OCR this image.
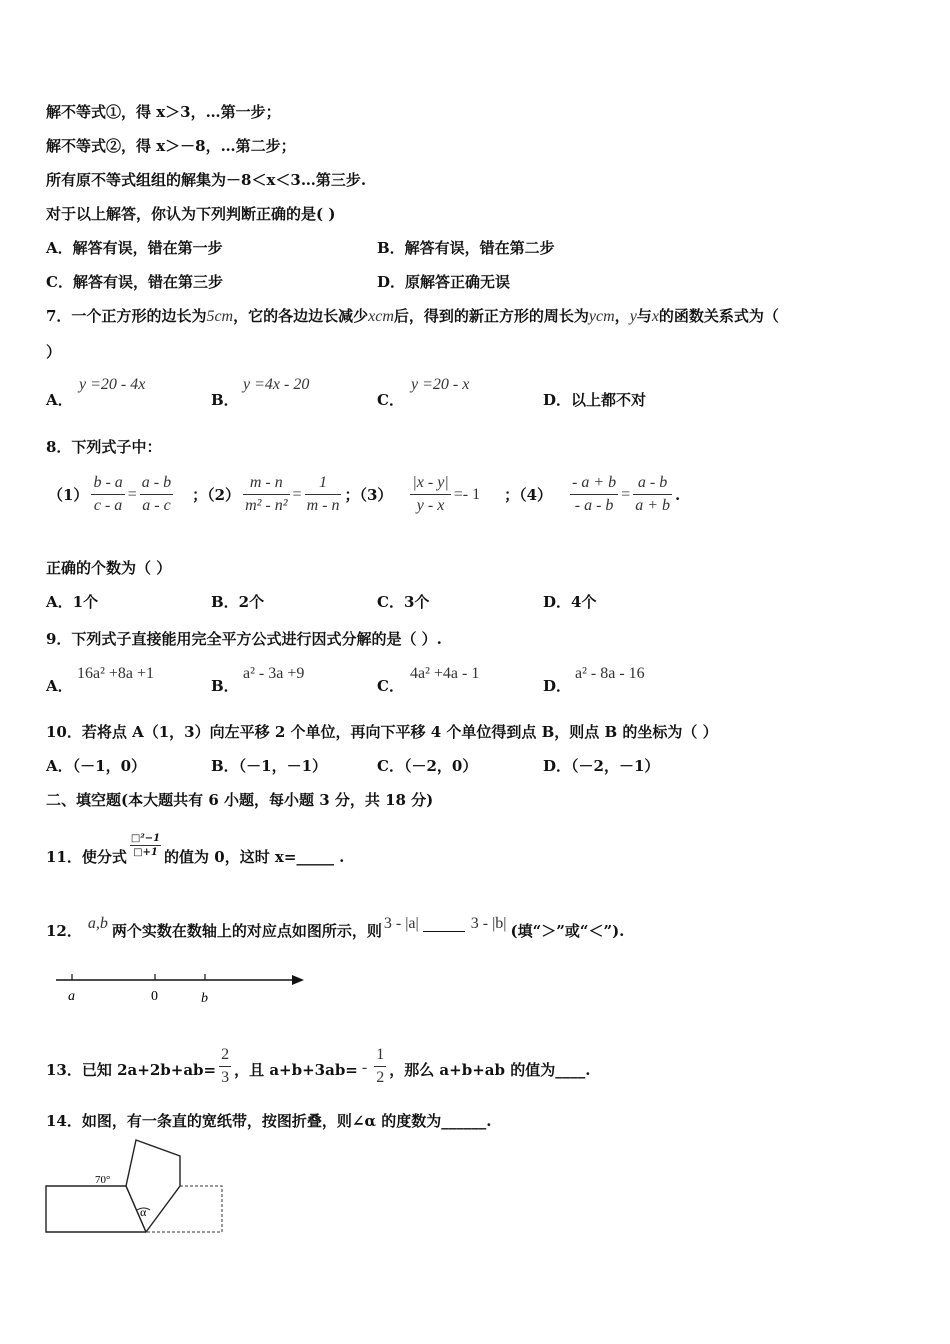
解不等式①，得 x＞3，…第一步；
解不等式②，得 x＞－8，…第二步；
所有原不等式组组的解集为－8＜x＜3…第三步.
对于以上解答，你认为下列判断正确的是( )
A．解答有误，错在第一步	B．解答有误，错在第二步
C．解答有误，错在第三步	D．原解答正确无误
7．一个正方形的边长为5cm，它的各边边长减少xcm后，得到的新正方形的周长为ycm，y与x的函数关系式为（
）
A．
y =20 - 4x
B．
y =4x - 20
C．
y =20 - x
D．以上都不对
8．下列式子中：
$(1) \frac{b - a}{c - a} = \frac{a - b}{a - c}$ ；$(2) \frac{m - n}{\text{m² - n²}} = \frac{1}{m - n}$ ；$(3) \frac{|x - y|}{y - x} =- 1$ ；$(4) \frac{- a + b}{- a - b} = \frac{a - b}{a + b}$ .
正确的个数为（ ）
A．1个	B．2个	C．3个	D．4个
9．下列式子直接能用完全平方公式进行因式分解的是（ ）.
A．
16a² +8a +1
B．
a² - 3a +9
C．
4a² +4a - 1
D．
a² - 8a - 16
10．若将点 A（1，3）向左平移 2 个单位，再向下平移 4 个单位得到点 B，则点 B 的坐标为（ ）
A．（－1，0）	B．（－1，－1）	C．（－2，0）	D．（－2，－1）
二、填空题(本大题共有 6 小题，每小题 3 分，共 18 分)
11．使分式 $\frac{\text{□²−1}}{□+1}$ 的值为 0，这时 x=_____ .
12． a,b 两个实数在数轴上的对应点如图所示，则 3 - |a|	3 - |b| (填“＞”或“＜”).
a	0	b
13．已知 $2a+2b+ab= \frac{2}{3}$ ，且 $a+b+3ab= - \frac{1}{2}$ ，那么 a+b+ab 的值为____.
14．如图，有一条直的宽纸带，按图折叠，则∠α 的度数为______.
70°
α
